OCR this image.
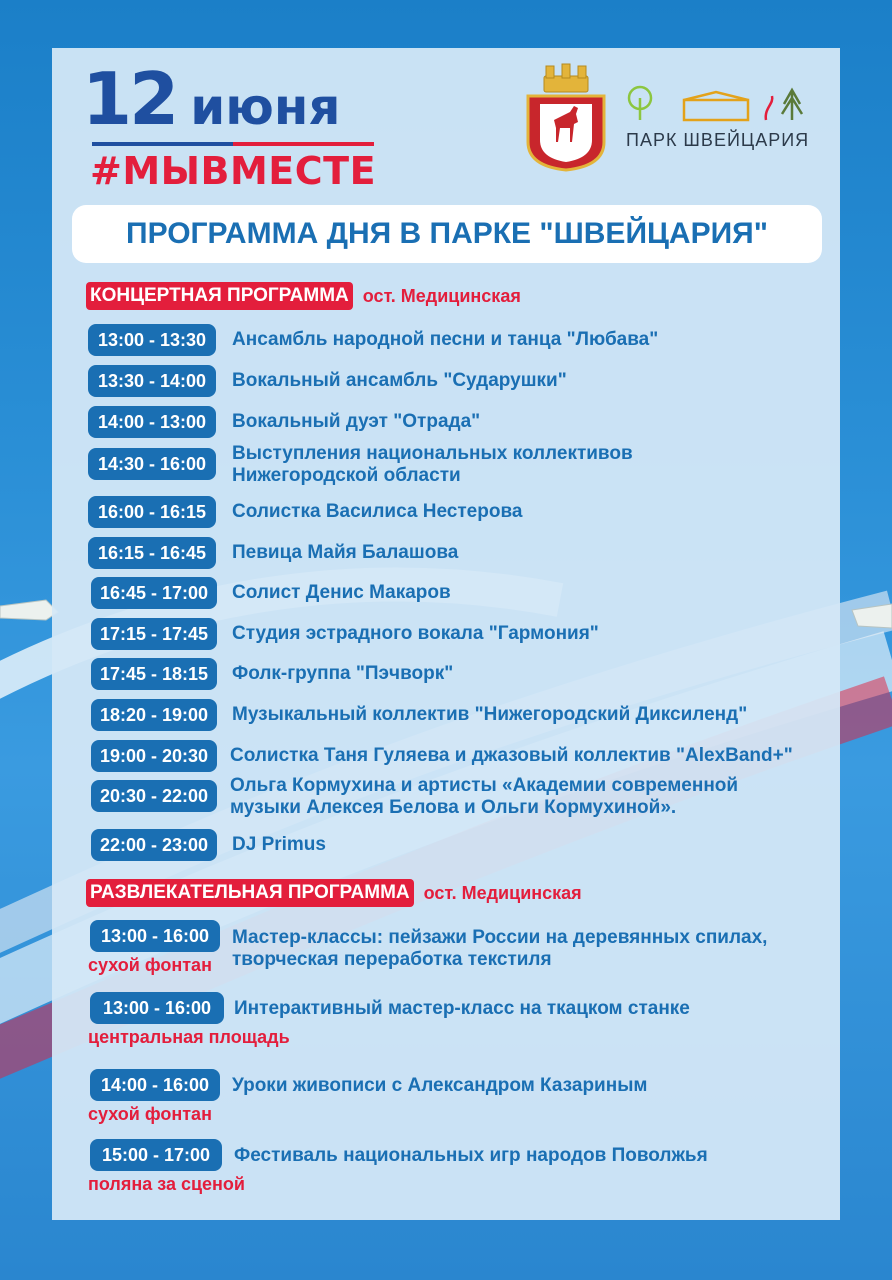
12 июня
#МЫВМЕСТЕ
ПАРК ШВЕЙЦАРИЯ
ПРОГРАММА ДНЯ В ПАРКЕ "ШВЕЙЦАРИЯ"
КОНЦЕРТНАЯ ПРОГРАММА ост. Медицинская
13:00 - 13:30	Ансамбль народной песни и танца "Любава"
13:30 - 14:00	Вокальный ансамбль "Сударушки"
14:00 - 13:00	Вокальный дуэт "Отрада"
14:30 - 16:00	Выступления национальных коллективов
Нижегородской области
16:00 - 16:15	Солистка Василиса Нестерова
16:15 - 16:45	Певица Майя Балашова
16:45 - 17:00	Солист Денис Макаров
17:15 - 17:45	Студия эстрадного вокала "Гармония"
17:45 - 18:15	Фолк-группа "Пэчворк"
18:20 - 19:00	Музыкальный коллектив "Нижегородский Диксиленд"
19:00 - 20:30	Солистка Таня Гуляева и джазовый коллектив "AlexBand+"
20:30 - 22:00	Ольга Кормухина и артисты «Академии современной
музыки Алексея Белова и Ольги Кормухиной».
22:00 - 23:00	DJ Primus
РАЗВЛЕКАТЕЛЬНАЯ ПРОГРАММА ост. Медицинская
13:00 - 16:00	Мастер-классы: пейзажи России на деревянных спилах,
творческая переработка текстиля
сухой фонтан
13:00 - 16:00	Интерактивный мастер-класс на ткацком станке
центральная площадь
14:00 - 16:00	Уроки живописи с Александром Казариным
сухой фонтан
15:00 - 17:00	Фестиваль национальных игр народов Поволжья
поляна за сценой
